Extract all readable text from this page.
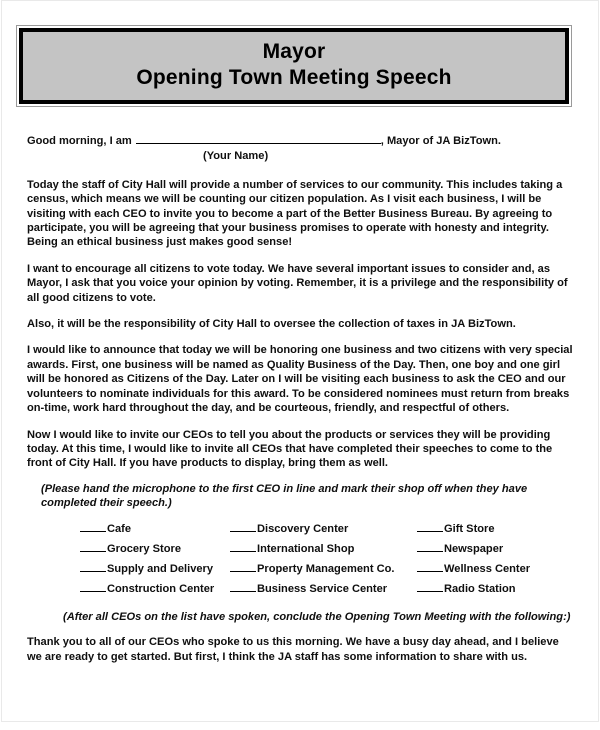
Mayor
Opening Town Meeting Speech
Good morning, I am	, Mayor of JA BizTown.
(Your Name)

Today the staff of City Hall will provide a number of services to our community. This includes taking a census, which means we will be counting our citizen population. As I visit each business, I will be visiting with each CEO to invite you to become a part of the Better Business Bureau. By agreeing to participate, you will be agreeing that your business promises to operate with honesty and integrity. Being an ethical business just makes good sense!

I want to encourage all citizens to vote today. We have several important issues to consider and, as Mayor, I ask that you voice your opinion by voting. Remember, it is a privilege and the responsibility of all good citizens to vote.

Also, it will be the responsibility of City Hall to oversee the collection of taxes in JA BizTown.

I would like to announce that today we will be honoring one business and two citizens with very special awards. First, one business will be named as Quality Business of the Day. Then, one boy and one girl will be honored as Citizens of the Day. Later on I will be visiting each business to ask the CEO and our volunteers to nominate individuals for this award. To be considered nominees must return from breaks on-time, work hard throughout the day, and be courteous, friendly, and respectful of others.

Now I would like to invite our CEOs to tell you about the products or services they will be providing today. At this time, I would like to invite all CEOs that have completed their speeches to come to the front of City Hall. If you have products to display, bring them as well.

(Please hand the microphone to the first CEO in line and mark their shop off when they have completed their speech.)

Cafe	Discovery Center	Gift Store
Grocery Store	International Shop	Newspaper
Supply and Delivery	Property Management Co.	Wellness Center
Construction Center	Business Service Center	Radio Station

(After all CEOs on the list have spoken, conclude the Opening Town Meeting with the following:)

Thank you to all of our CEOs who spoke to us this morning. We have a busy day ahead, and I believe we are ready to get started. But first, I think the JA staff has some information to share with us.
